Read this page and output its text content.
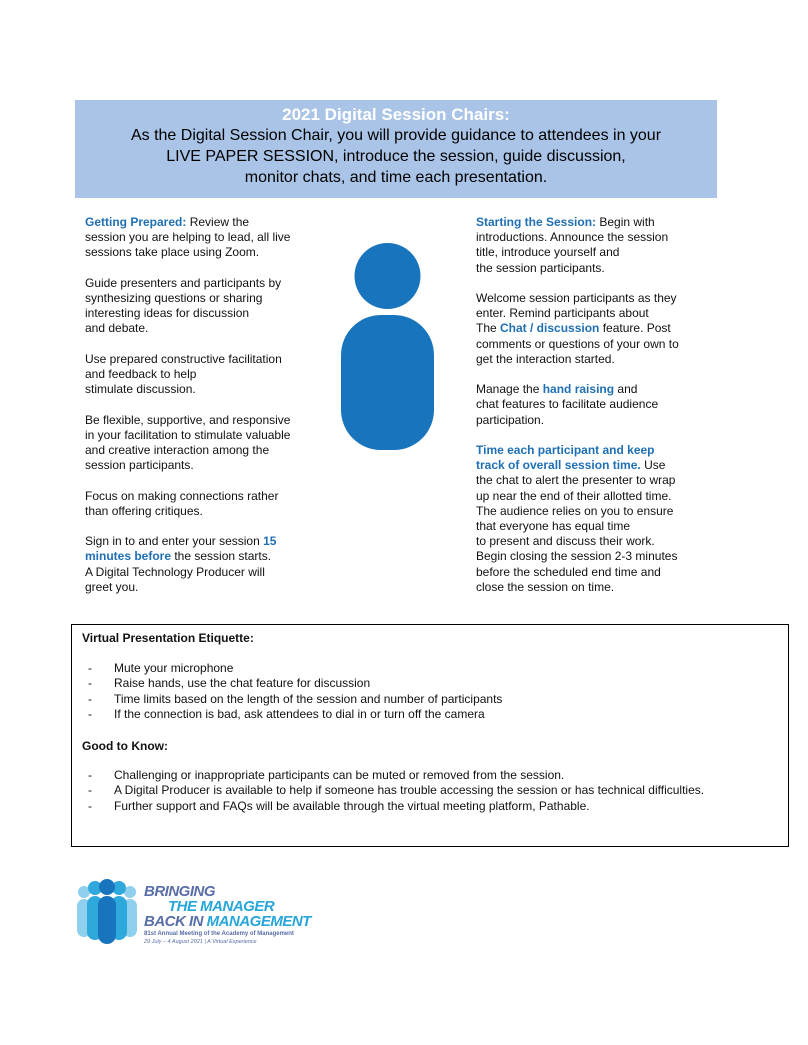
2021 Digital Session Chairs:
As the Digital Session Chair, you will provide guidance to attendees in your
LIVE PAPER SESSION, introduce the session, guide discussion,
monitor chats, and time each presentation.

Getting Prepared: Review the
session you are helping to lead, all live
sessions take place using Zoom.

Guide presenters and participants by
synthesizing questions or sharing
interesting ideas for discussion
and debate.

Use prepared constructive facilitation
and feedback to help
stimulate discussion.

Be flexible, supportive, and responsive
in your facilitation to stimulate valuable
and creative interaction among the
session participants.

Focus on making connections rather
than offering critiques.

Sign in to and enter your session 15
minutes before the session starts.
A Digital Technology Producer will
greet you.

Starting the Session: Begin with
introductions. Announce the session
title, introduce yourself and
the session participants.

Welcome session participants as they
enter. Remind participants about
The Chat / discussion feature. Post
comments or questions of your own to
get the interaction started.

Manage the hand raising and
chat features to facilitate audience
participation.

Time each participant and keep
track of overall session time. Use
the chat to alert the presenter to wrap
up near the end of their allotted time.
The audience relies on you to ensure
that everyone has equal time
to present and discuss their work.
Begin closing the session 2-3 minutes
before the scheduled end time and
close the session on time.

Virtual Presentation Etiquette:
- Mute your microphone
- Raise hands, use the chat feature for discussion
- Time limits based on the length of the session and number of participants
- If the connection is bad, ask attendees to dial in or turn off the camera
Good to Know:
- Challenging or inappropriate participants can be muted or removed from the session.
- A Digital Producer is available to help if someone has trouble accessing the session or has technical difficulties.
- Further support and FAQs will be available through the virtual meeting platform, Pathable.
BRINGING
THE MANAGER
BACK IN MANAGEMENT
81st Annual Meeting of the Academy of Management
29 July – 4 August 2021 | A Virtual Experience
